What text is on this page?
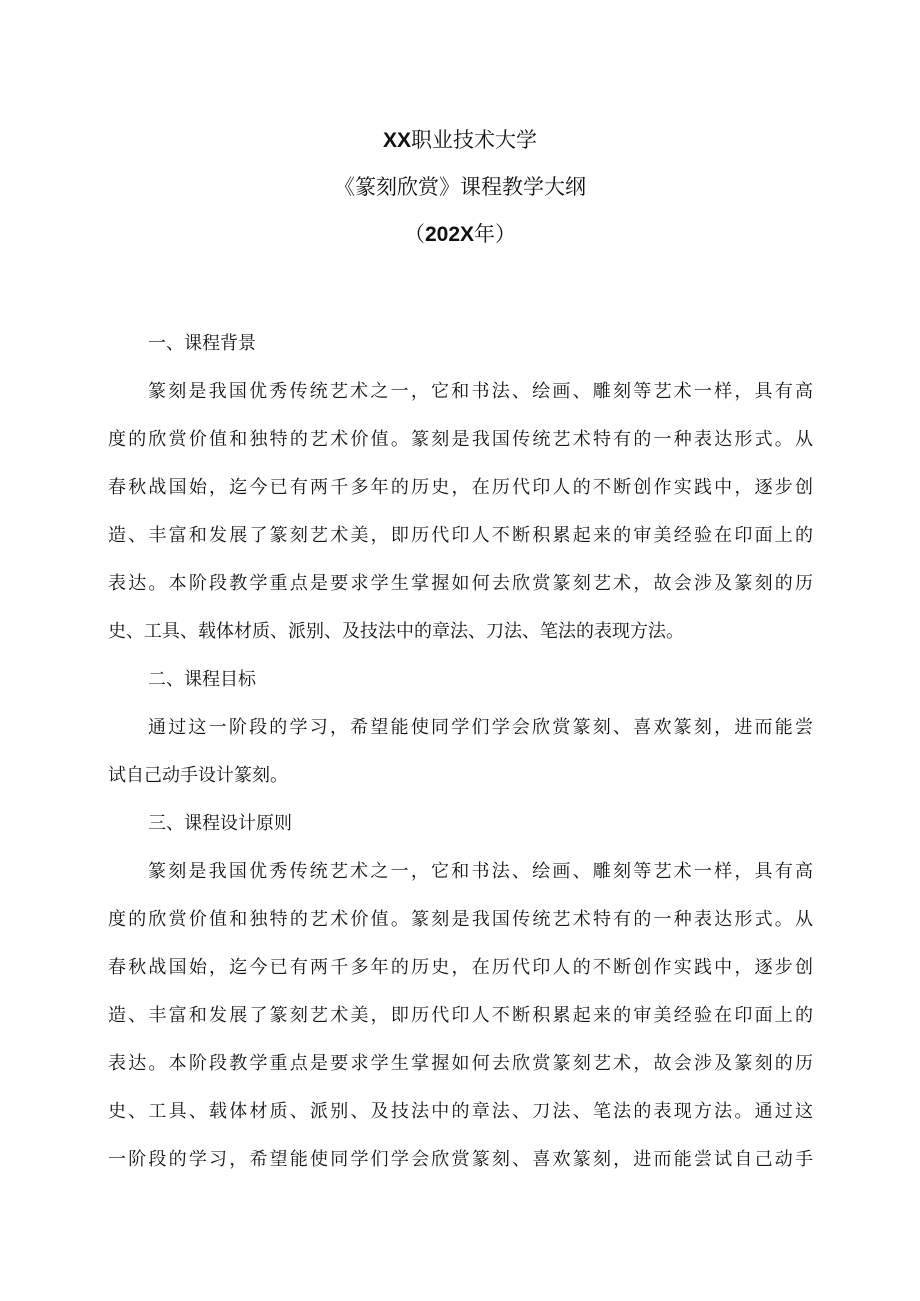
XX职业技术大学
《篆刻欣赏》课程教学大纲
（202X年）
一、课程背景
篆刻是我国优秀传统艺术之一，它和书法、绘画、雕刻等艺术一样，具有高
度的欣赏价值和独特的艺术价值。篆刻是我国传统艺术特有的一种表达形式。从
春秋战国始，迄今已有两千多年的历史，在历代印人的不断创作实践中，逐步创
造、丰富和发展了篆刻艺术美，即历代印人不断积累起来的审美经验在印面上的
表达。本阶段教学重点是要求学生掌握如何去欣赏篆刻艺术，故会涉及篆刻的历
史、工具、载体材质、派别、及技法中的章法、刀法、笔法的表现方法。
二、课程目标
通过这一阶段的学习，希望能使同学们学会欣赏篆刻、喜欢篆刻，进而能尝
试自己动手设计篆刻。
三、课程设计原则
篆刻是我国优秀传统艺术之一，它和书法、绘画、雕刻等艺术一样，具有高
度的欣赏价值和独特的艺术价值。篆刻是我国传统艺术特有的一种表达形式。从
春秋战国始，迄今已有两千多年的历史，在历代印人的不断创作实践中，逐步创
造、丰富和发展了篆刻艺术美，即历代印人不断积累起来的审美经验在印面上的
表达。本阶段教学重点是要求学生掌握如何去欣赏篆刻艺术，故会涉及篆刻的历
史、工具、载体材质、派别、及技法中的章法、刀法、笔法的表现方法。通过这
一阶段的学习，希望能使同学们学会欣赏篆刻、喜欢篆刻，进而能尝试自己动手
